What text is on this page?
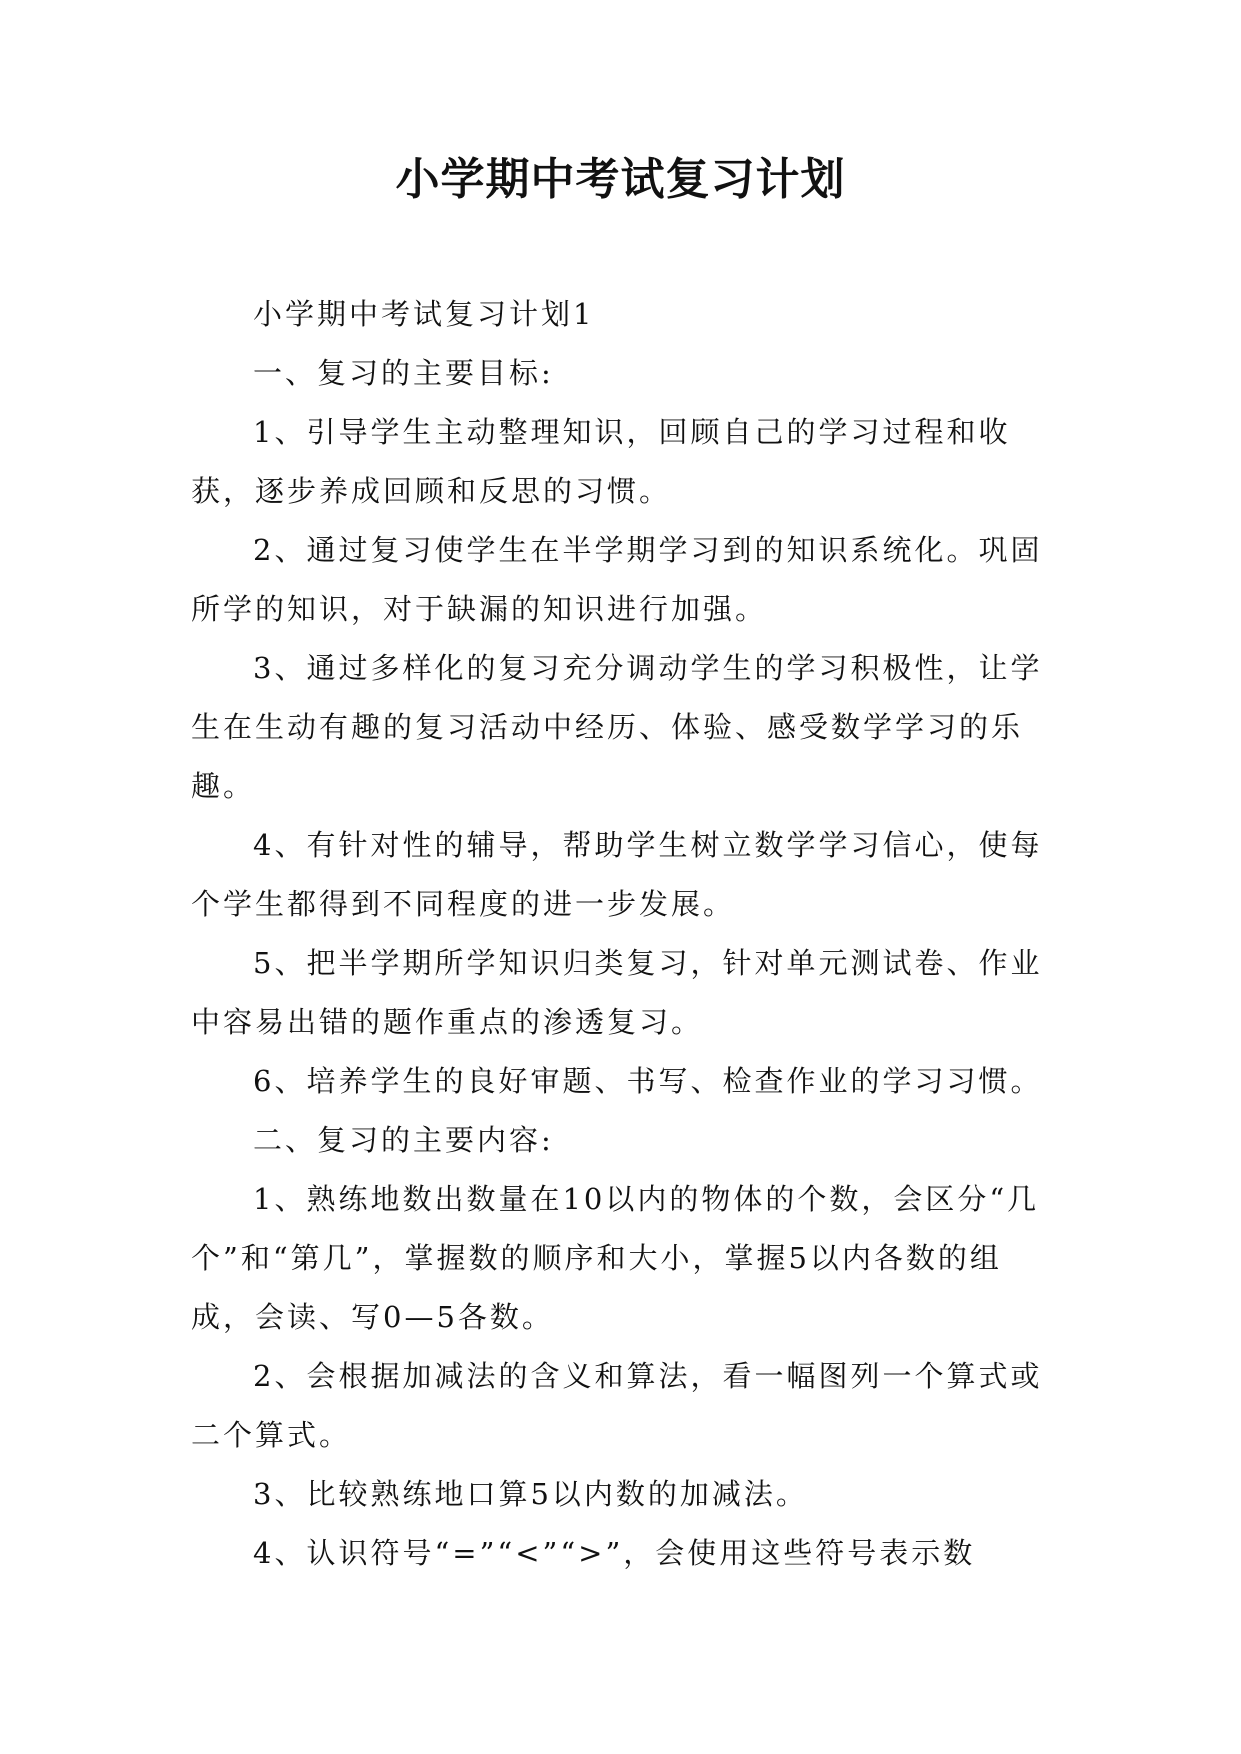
小学期中考试复习计划

小学期中考试复习计划1

一、复习的主要目标:

1、引导学生主动整理知识，回顾自己的学习过程和收获，逐步养成回顾和反思的习惯。

2、通过复习使学生在半学期学习到的知识系统化。巩固所学的知识，对于缺漏的知识进行加强。

3、通过多样化的复习充分调动学生的学习积极性，让学生在生动有趣的复习活动中经历、体验、感受数学学习的乐趣。

4、有针对性的辅导，帮助学生树立数学学习信心，使每个学生都得到不同程度的进一步发展。

5、把半学期所学知识归类复习，针对单元测试卷、作业中容易出错的题作重点的渗透复习。

6、培养学生的良好审题、书写、检查作业的学习习惯。

二、复习的主要内容:

1、熟练地数出数量在10以内的物体的个数，会区分“几个”和“第几”，掌握数的顺序和大小，掌握5以内各数的组成，会读、写0—5各数。

2、会根据加减法的含义和算法，看一幅图列一个算式或二个算式。

3、比较熟练地口算5以内数的加减法。

4、认识符号“=”“<”“>”，会使用这些符号表示数
